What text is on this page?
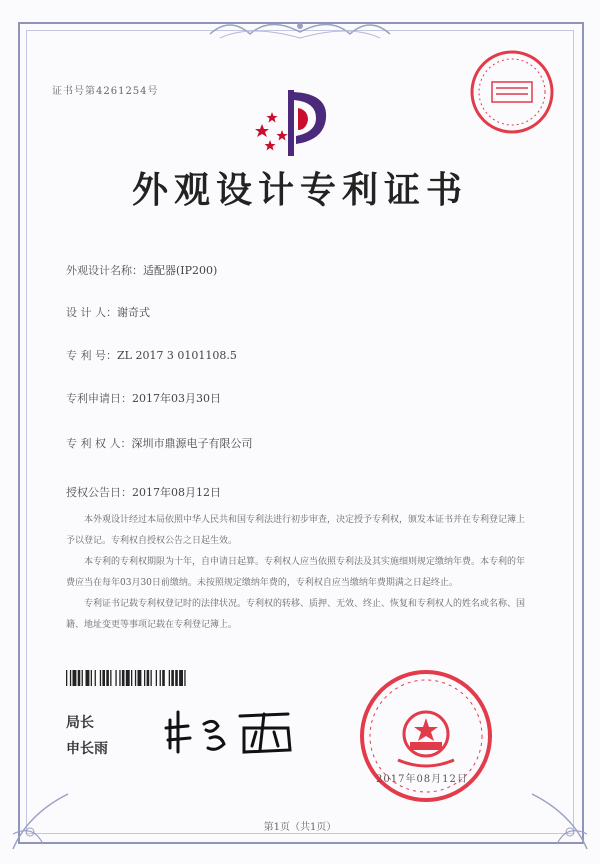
证书号第4261254号
外观设计专利证书
外观设计名称：适配器(IP200)
设 计 人：谢奇式
专 利 号：ZL 2017 3 0101108.5
专利申请日：2017年03月30日
专 利 权 人：深圳市鼎源电子有限公司
授权公告日：2017年08月12日

本外观设计经过本局依照中华人民共和国专利法进行初步审查，决定授予专利权，颁发本证书并在专利登记簿上予以登记。专利权自授权公告之日起生效。

本专利的专利权期限为十年，自申请日起算。专利权人应当依照专利法及其实施细则规定缴纳年费。本专利的年费应当在每年03月30日前缴纳。未按照规定缴纳年费的，专利权自应当缴纳年费期满之日起终止。

专利证书记载专利权登记时的法律状况。专利权的转移、质押、无效、终止、恢复和专利权人的姓名或名称、国籍、地址变更等事项记载在专利登记簿上。

局长
申长雨
2017年08月12日
第1页（共1页）
